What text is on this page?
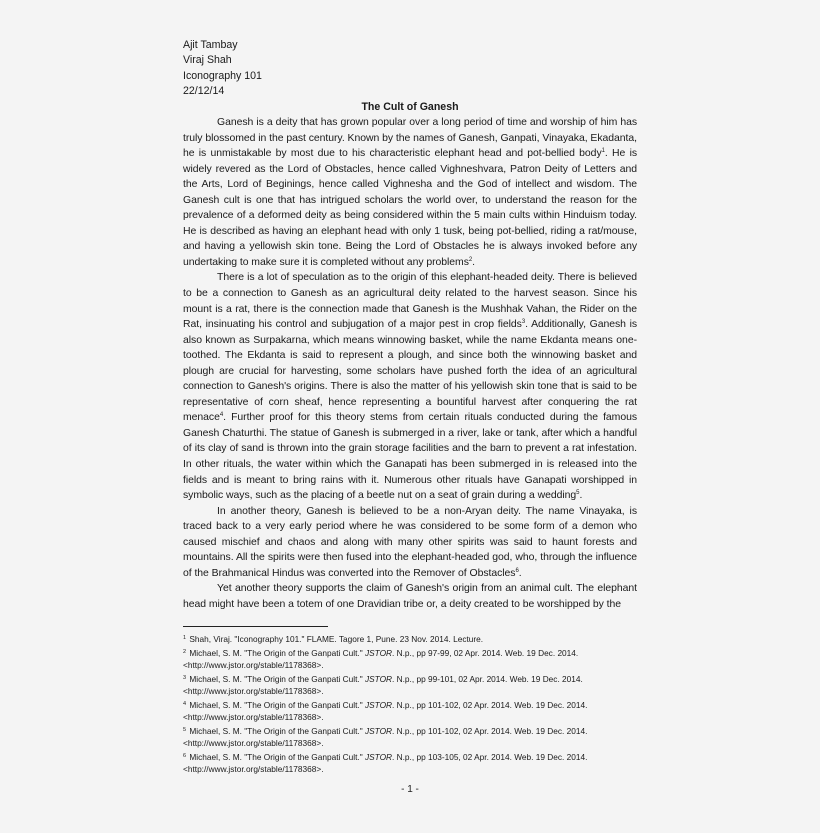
Ajit Tambay
Viraj Shah
Iconography 101
22/12/14
The Cult of Ganesh

Ganesh is a deity that has grown popular over a long period of time and worship of him has truly blossomed in the past century. Known by the names of Ganesh, Ganpati, Vinayaka, Ekadanta, he is unmistakable by most due to his characteristic elephant head and pot-bellied body$^1$. He is widely revered as the Lord of Obstacles, hence called Vighneshvara, Patron Deity of Letters and the Arts, Lord of Beginings, hence called Vighnesha and the God of intellect and wisdom. The Ganesh cult is one that has intrigued scholars the world over, to understand the reason for the prevalence of a deformed deity as being considered within the 5 main cults within Hinduism today. He is described as having an elephant head with only 1 tusk, being pot-bellied, riding a rat/mouse, and having a yellowish skin tone. Being the Lord of Obstacles he is always invoked before any undertaking to make sure it is completed without any problems$^2$.

There is a lot of speculation as to the origin of this elephant-headed deity. There is believed to be a connection to Ganesh as an agricultural deity related to the harvest season. Since his mount is a rat, there is the connection made that Ganesh is the Mushhak Vahan, the Rider on the Rat, insinuating his control and subjugation of a major pest in crop fields$^3$. Additionally, Ganesh is also known as Surpakarna, which means winnowing basket, while the name Ekdanta means one-toothed. The Ekdanta is said to represent a plough, and since both the winnowing basket and plough are crucial for harvesting, some scholars have pushed forth the idea of an agricultural connection to Ganesh's origins. There is also the matter of his yellowish skin tone that is said to be representative of corn sheaf, hence representing a bountiful harvest after conquering the rat menace$^4$. Further proof for this theory stems from certain rituals conducted during the famous Ganesh Chaturthi. The statue of Ganesh is submerged in a river, lake or tank, after which a handful of its clay of sand is thrown into the grain storage facilities and the barn to prevent a rat infestation. In other rituals, the water within which the Ganapati has been submerged in is released into the fields and is meant to bring rains with it. Numerous other rituals have Ganapati worshipped in symbolic ways, such as the placing of a beetle nut on a seat of grain during a wedding$^5$.

In another theory, Ganesh is believed to be a non-Aryan deity. The name Vinayaka, is traced back to a very early period where he was considered to be some form of a demon who caused mischief and chaos and along with many other spirits was said to haunt forests and mountains. All the spirits were then fused into the elephant-headed god, who, through the influence of the Brahmanical Hindus was converted into the Remover of Obstacles$^6$.

Yet another theory supports the claim of Ganesh's origin from an animal cult. The elephant head might have been a totem of one Dravidian tribe or, a deity created to be worshipped by the

$^1$ Shah, Viraj. "Iconography 101." FLAME. Tagore 1, Pune. 23 Nov. 2014. Lecture.

$^2$ Michael, S. M. "The Origin of the Ganpati Cult." JSTOR. N.p., pp 97-99, 02 Apr. 2014. Web. 19 Dec. 2014.
<http://www.jstor.org/stable/1178368>.

$^3$ Michael, S. M. "The Origin of the Ganpati Cult." JSTOR. N.p., pp 99-101, 02 Apr. 2014. Web. 19 Dec. 2014.
<http://www.jstor.org/stable/1178368>.

$^4$ Michael, S. M. "The Origin of the Ganpati Cult." JSTOR. N.p., pp 101-102, 02 Apr. 2014. Web. 19 Dec. 2014.
<http://www.jstor.org/stable/1178368>.

$^5$ Michael, S. M. "The Origin of the Ganpati Cult." JSTOR. N.p., pp 101-102, 02 Apr. 2014. Web. 19 Dec. 2014.
<http://www.jstor.org/stable/1178368>.

$^6$ Michael, S. M. "The Origin of the Ganpati Cult." JSTOR. N.p., pp 103-105, 02 Apr. 2014. Web. 19 Dec. 2014.
<http://www.jstor.org/stable/1178368>.

- 1 -
